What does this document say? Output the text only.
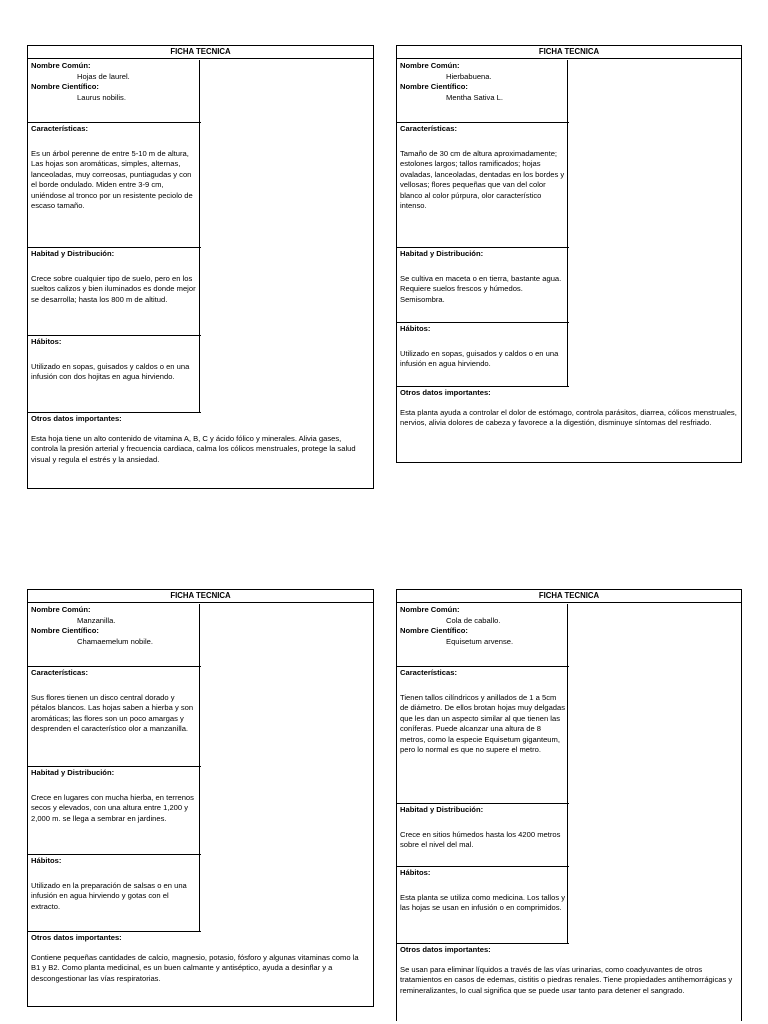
FICHA TECNICA
Nombre Común:
Hojas de laurel.
Nombre Científico:
Laurus nobilis.
Características:
Es un árbol perenne de entre 5-10 m de altura, Las hojas son aromáticas, simples, alternas, lanceoladas, muy correosas, puntiagudas y con el borde ondulado. Miden entre 3-9 cm, uniéndose al tronco por un resistente peciolo de escaso tamaño.
Habitad y Distribución:
Crece sobre cualquier tipo de suelo, pero en los sueltos calizos y bien iluminados es donde mejor se desarrolla; hasta los 800 m de altitud.
Hábitos:
Utilizado en sopas, guisados y caldos o en una infusión con dos hojitas en agua hirviendo.
Otros datos importantes:
Esta hoja tiene un alto contenido de vitamina A, B, C y ácido fólico y minerales. Alivia gases, controla la presión arterial y frecuencia cardiaca, calma los cólicos menstruales, protege la salud visual y regula el estrés y la ansiedad.
FICHA TECNICA
Nombre Común:
Hierbabuena.
Nombre Científico:
Mentha Sativa L.
Características:
Tamaño de 30 cm de altura aproximadamente; estolones largos; tallos ramificados; hojas ovaladas, lanceoladas, dentadas en los bordes y vellosas; flores pequeñas que van del color blanco al color púrpura, olor característico intenso.
Habitad y Distribución:
Se cultiva en maceta o en tierra, bastante agua. Requiere suelos frescos y húmedos. Semisombra.
Hábitos:
Utilizado en sopas, guisados y caldos o en una infusión en agua hirviendo.
Otros datos importantes:
Esta planta ayuda a controlar el dolor de estómago, controla parásitos, diarrea, cólicos menstruales, nervios, alivia dolores de cabeza y favorece a la digestión, disminuye síntomas del resfriado.
FICHA TECNICA
Nombre Común:
Manzanilla.
Nombre Científico:
Chamaemelum nobile.
Características:
Sus flores tienen un disco central dorado y pétalos blancos. Las hojas saben a hierba y son aromáticas; las flores son un poco amargas y desprenden el característico olor a manzanilla.
Habitad y Distribución:
Crece en lugares con mucha hierba, en terrenos secos y elevados, con una altura entre 1,200 y 2,000 m. se llega a sembrar en jardines.
Hábitos:
Utilizado en la preparación de salsas o en una infusión en agua hirviendo y gotas con el extracto.
Otros datos importantes:
Contiene pequeñas cantidades de calcio, magnesio, potasio, fósforo y algunas vitaminas como la B1 y B2. Como planta medicinal, es un buen calmante y antiséptico, ayuda a desinflar y a descongestionar las vías respiratorias.
FICHA TECNICA
Nombre Común:
Cola de caballo.
Nombre Científico:
Equisetum arvense.
Características:
Tienen tallos cilíndricos y anillados de 1 a 5cm de diámetro. De ellos brotan hojas muy delgadas que les dan un aspecto similar al que tienen las coníferas. Puede alcanzar una altura de 8 metros, como la especie Equisetum giganteum, pero lo normal es que no supere el metro.
Habitad y Distribución:
Crece en sitios húmedos hasta los 4200 metros sobre el nivel del mal.
Hábitos:
Esta planta se utiliza como medicina. Los tallos y las hojas se usan en infusión o en comprimidos.
Otros datos importantes:
Se usan para eliminar líquidos a través de las vías urinarias, como coadyuvantes de otros tratamientos en casos de edemas, cistitis o piedras renales. Tiene propiedades antihemorrágicas y remineralizantes, lo cual significa que se puede usar tanto para detener el sangrado.
